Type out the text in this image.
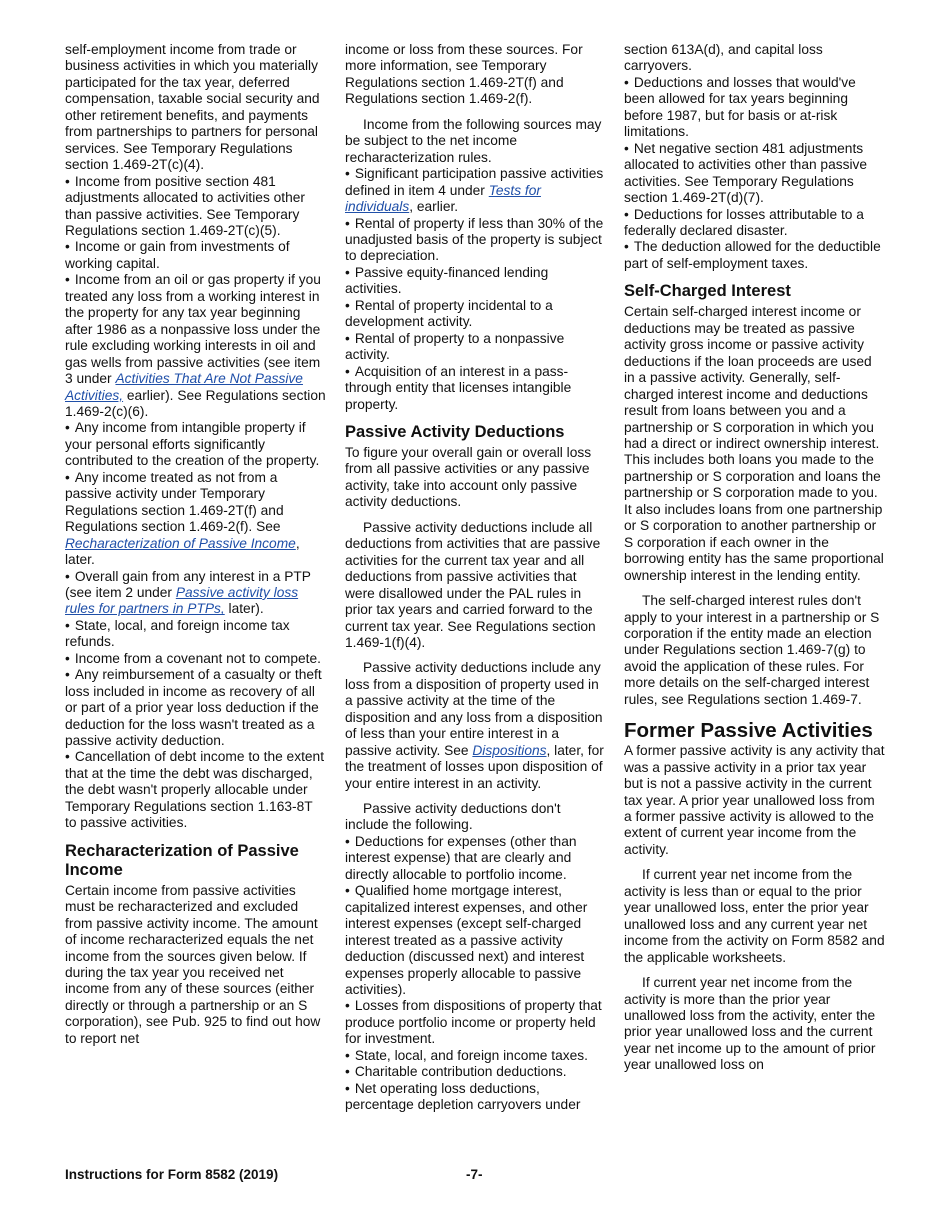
self-employment income from trade or business activities in which you materially participated for the tax year, deferred compensation, taxable social security and other retirement benefits, and payments from partnerships to partners for personal services. See Temporary Regulations section 1.469-2T(c)(4).

• Income from positive section 481 adjustments allocated to activities other than passive activities. See Temporary Regulations section 1.469-2T(c)(5).

• Income or gain from investments of working capital.

• Income from an oil or gas property if you treated any loss from a working interest in the property for any tax year beginning after 1986 as a nonpassive loss under the rule excluding working interests in oil and gas wells from passive activities (see item 3 under Activities That Are Not Passive Activities, earlier). See Regulations section 1.469-2(c)(6).

• Any income from intangible property if your personal efforts significantly contributed to the creation of the property.

• Any income treated as not from a passive activity under Temporary Regulations section 1.469-2T(f) and Regulations section 1.469-2(f). See Recharacterization of Passive Income, later.

• Overall gain from any interest in a PTP (see item 2 under Passive activity loss rules for partners in PTPs, later).

• State, local, and foreign income tax refunds.

• Income from a covenant not to compete.

• Any reimbursement of a casualty or theft loss included in income as recovery of all or part of a prior year loss deduction if the deduction for the loss wasn't treated as a passive activity deduction.

• Cancellation of debt income to the extent that at the time the debt was discharged, the debt wasn't properly allocable under Temporary Regulations section 1.163-8T to passive activities.

Recharacterization of Passive Income

Certain income from passive activities must be recharacterized and excluded from passive activity income. The amount of income recharacterized equals the net income from the sources given below. If during the tax year you received net income from any of these sources (either directly or through a partnership or an S corporation), see Pub. 925 to find out how to report net

income or loss from these sources. For more information, see Temporary Regulations section 1.469-2T(f) and Regulations section 1.469-2(f).

Income from the following sources may be subject to the net income recharacterization rules.

• Significant participation passive activities defined in item 4 under Tests for individuals, earlier.

• Rental of property if less than 30% of the unadjusted basis of the property is subject to depreciation.

• Passive equity-financed lending activities.

• Rental of property incidental to a development activity.

• Rental of property to a nonpassive activity.

• Acquisition of an interest in a pass-through entity that licenses intangible property.

Passive Activity Deductions

To figure your overall gain or overall loss from all passive activities or any passive activity, take into account only passive activity deductions.

Passive activity deductions include all deductions from activities that are passive activities for the current tax year and all deductions from passive activities that were disallowed under the PAL rules in prior tax years and carried forward to the current tax year. See Regulations section 1.469-1(f)(4).

Passive activity deductions include any loss from a disposition of property used in a passive activity at the time of the disposition and any loss from a disposition of less than your entire interest in a passive activity. See Dispositions, later, for the treatment of losses upon disposition of your entire interest in an activity.

Passive activity deductions don't include the following.

• Deductions for expenses (other than interest expense) that are clearly and directly allocable to portfolio income.

• Qualified home mortgage interest, capitalized interest expenses, and other interest expenses (except self-charged interest treated as a passive activity deduction (discussed next) and interest expenses properly allocable to passive activities).

• Losses from dispositions of property that produce portfolio income or property held for investment.

• State, local, and foreign income taxes.

• Charitable contribution deductions.

• Net operating loss deductions, percentage depletion carryovers under

section 613A(d), and capital loss carryovers.

• Deductions and losses that would've been allowed for tax years beginning before 1987, but for basis or at-risk limitations.

• Net negative section 481 adjustments allocated to activities other than passive activities. See Temporary Regulations section 1.469-2T(d)(7).

• Deductions for losses attributable to a federally declared disaster.

• The deduction allowed for the deductible part of self-employment taxes.

Self-Charged Interest

Certain self-charged interest income or deductions may be treated as passive activity gross income or passive activity deductions if the loan proceeds are used in a passive activity. Generally, self-charged interest income and deductions result from loans between you and a partnership or S corporation in which you had a direct or indirect ownership interest. This includes both loans you made to the partnership or S corporation and loans the partnership or S corporation made to you. It also includes loans from one partnership or S corporation to another partnership or S corporation if each owner in the borrowing entity has the same proportional ownership interest in the lending entity.

The self-charged interest rules don't apply to your interest in a partnership or S corporation if the entity made an election under Regulations section 1.469-7(g) to avoid the application of these rules. For more details on the self-charged interest rules, see Regulations section 1.469-7.

Former Passive Activities

A former passive activity is any activity that was a passive activity in a prior tax year but is not a passive activity in the current tax year. A prior year unallowed loss from a former passive activity is allowed to the extent of current year income from the activity.

If current year net income from the activity is less than or equal to the prior year unallowed loss, enter the prior year unallowed loss and any current year net income from the activity on Form 8582 and the applicable worksheets.

If current year net income from the activity is more than the prior year unallowed loss from the activity, enter the prior year unallowed loss and the current year net income up to the amount of prior year unallowed loss on

Instructions for Form 8582 (2019)	-7-
